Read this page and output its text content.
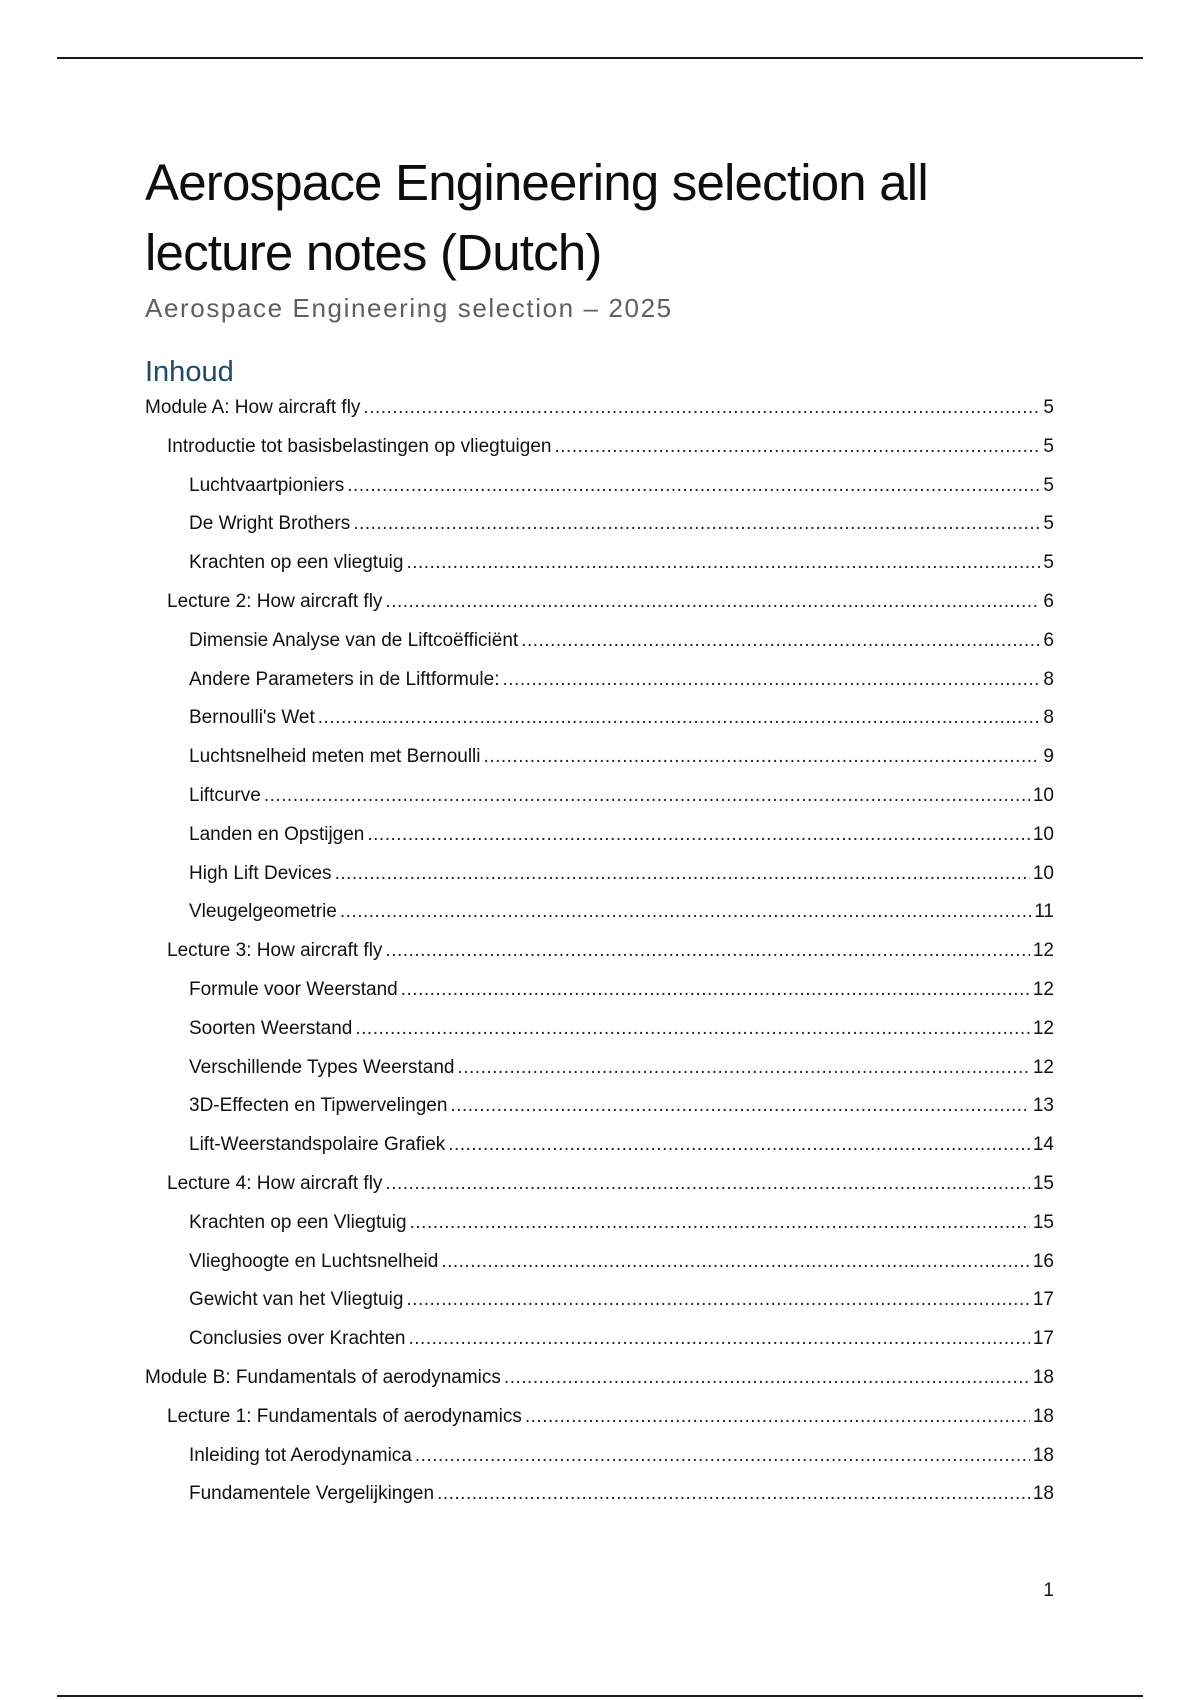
Aerospace Engineering selection all lecture notes (Dutch)

Aerospace Engineering selection – 2025

Inhoud
Module A: How aircraft fly .....	5
Introductie tot basisbelastingen op vliegtuigen .....	5
Luchtvaartpioniers .....	5
De Wright Brothers .....	5
Krachten op een vliegtuig .....	5
Lecture 2: How aircraft fly .....	6
Dimensie Analyse van de Liftcoëfficiënt .....	6
Andere Parameters in de Liftformule: .....	8
Bernoulli's Wet .....	8
Luchtsnelheid meten met Bernoulli .....	9
Liftcurve .....	10
Landen en Opstijgen .....	10
High Lift Devices .....	10
Vleugelgeometrie .....	11
Lecture 3: How aircraft fly .....	12
Formule voor Weerstand .....	12
Soorten Weerstand .....	12
Verschillende Types Weerstand .....	12
3D-Effecten en Tipwervelingen .....	13
Lift-Weerstandspolaire Grafiek .....	14
Lecture 4: How aircraft fly .....	15
Krachten op een Vliegtuig .....	15
Vlieghoogte en Luchtsnelheid .....	16
Gewicht van het Vliegtuig .....	17
Conclusies over Krachten .....	17
Module B: Fundamentals of aerodynamics .....	18
Lecture 1: Fundamentals of aerodynamics .....	18
Inleiding tot Aerodynamica .....	18
Fundamentele Vergelijkingen .....	18
1
